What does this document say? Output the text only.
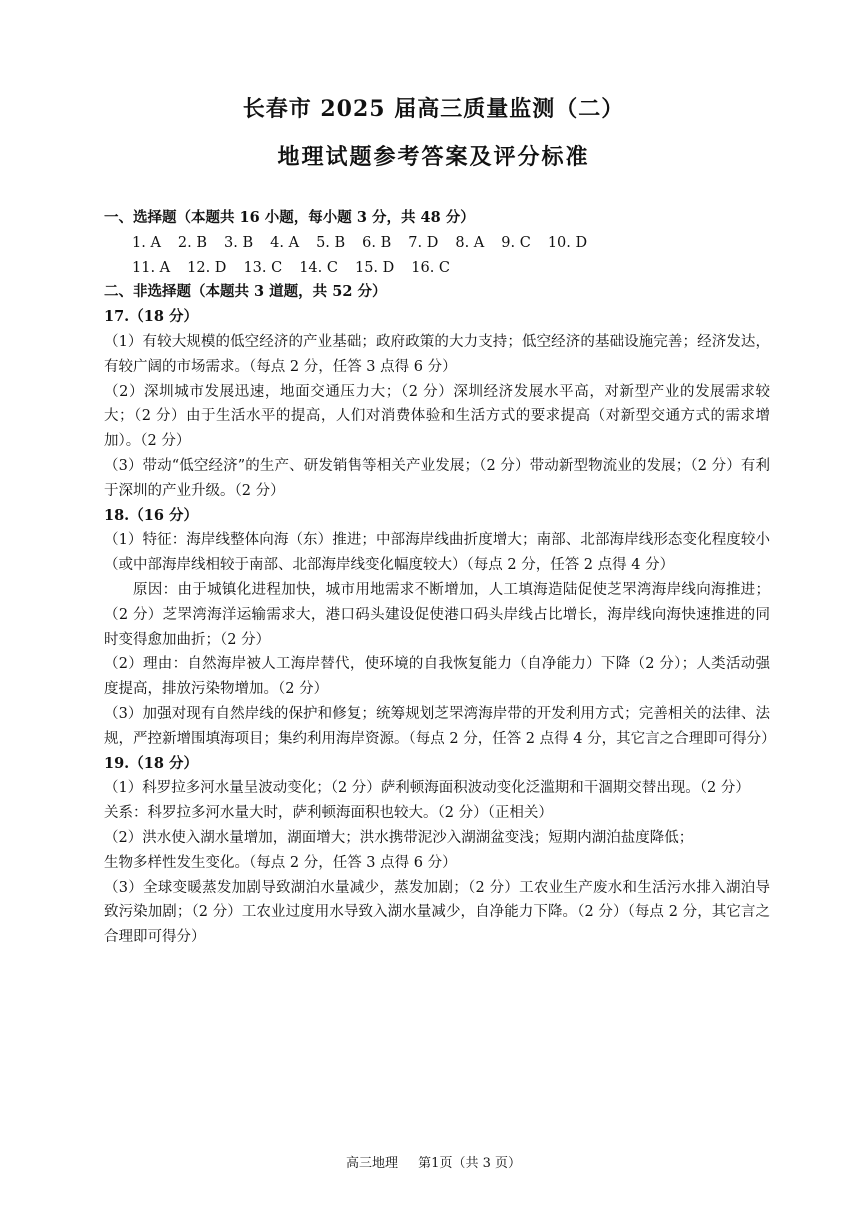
长春市 2025 届高三质量监测（二）
地理试题参考答案及评分标准

一、选择题（本题共 16 小题，每小题 3 分，共 48 分）

1. A 2. B 3. B 4. A 5. B 6. B 7. D 8. A 9. C 10. D
11. A 12. D 13. C 14. C 15. D 16. C

二、非选择题（本题共 3 道题，共 52 分）

17.（18 分）

（1）有较大规模的低空经济的产业基础；政府政策的大力支持；低空经济的基础设施完善；经济发达，有较广阔的市场需求。（每点 2 分，任答 3 点得 6 分）

（2）深圳城市发展迅速，地面交通压力大；（2 分）深圳经济发展水平高，对新型产业的发展需求较大；（2 分）由于生活水平的提高，人们对消费体验和生活方式的要求提高（对新型交通方式的需求增加）。（2 分）

（3）带动“低空经济”的生产、研发销售等相关产业发展；（2 分）带动新型物流业的发展；（2 分）有利于深圳的产业升级。（2 分）

18.（16 分）

（1）特征：海岸线整体向海（东）推进；中部海岸线曲折度增大；南部、北部海岸线形态变化程度较小（或中部海岸线相较于南部、北部海岸线变化幅度较大）（每点 2 分，任答 2 点得 4 分）

原因：由于城镇化进程加快，城市用地需求不断增加，人工填海造陆促使芝罘湾海岸线向海推进；（2 分）芝罘湾海洋运输需求大，港口码头建设促使港口码头岸线占比增长，海岸线向海快速推进的同时变得愈加曲折；（2 分）

（2）理由：自然海岸被人工海岸替代，使环境的自我恢复能力（自净能力）下降（2 分）；人类活动强度提高，排放污染物增加。（2 分）

（3）加强对现有自然岸线的保护和修复；统筹规划芝罘湾海岸带的开发利用方式；完善相关的法律、法规，严控新增围填海项目；集约利用海岸资源。（每点 2 分，任答 2 点得 4 分，其它言之合理即可得分）

19.（18 分）

（1）科罗拉多河水量呈波动变化；（2 分）萨利顿海面积波动变化泛滥期和干涸期交替出现。（2 分）

关系：科罗拉多河水量大时，萨利顿海面积也较大。（2 分）（正相关）

（2）洪水使入湖水量增加，湖面增大；洪水携带泥沙入湖湖盆变浅；短期内湖泊盐度降低；

生物多样性发生变化。（每点 2 分，任答 3 点得 6 分）

（3）全球变暖蒸发加剧导致湖泊水量减少，蒸发加剧；（2 分）工农业生产废水和生活污水排入湖泊导致污染加剧；（2 分）工农业过度用水导致入湖水量减少，自净能力下降。（2 分）（每点 2 分，其它言之合理即可得分）

高三地理 第1页（共 3 页）
